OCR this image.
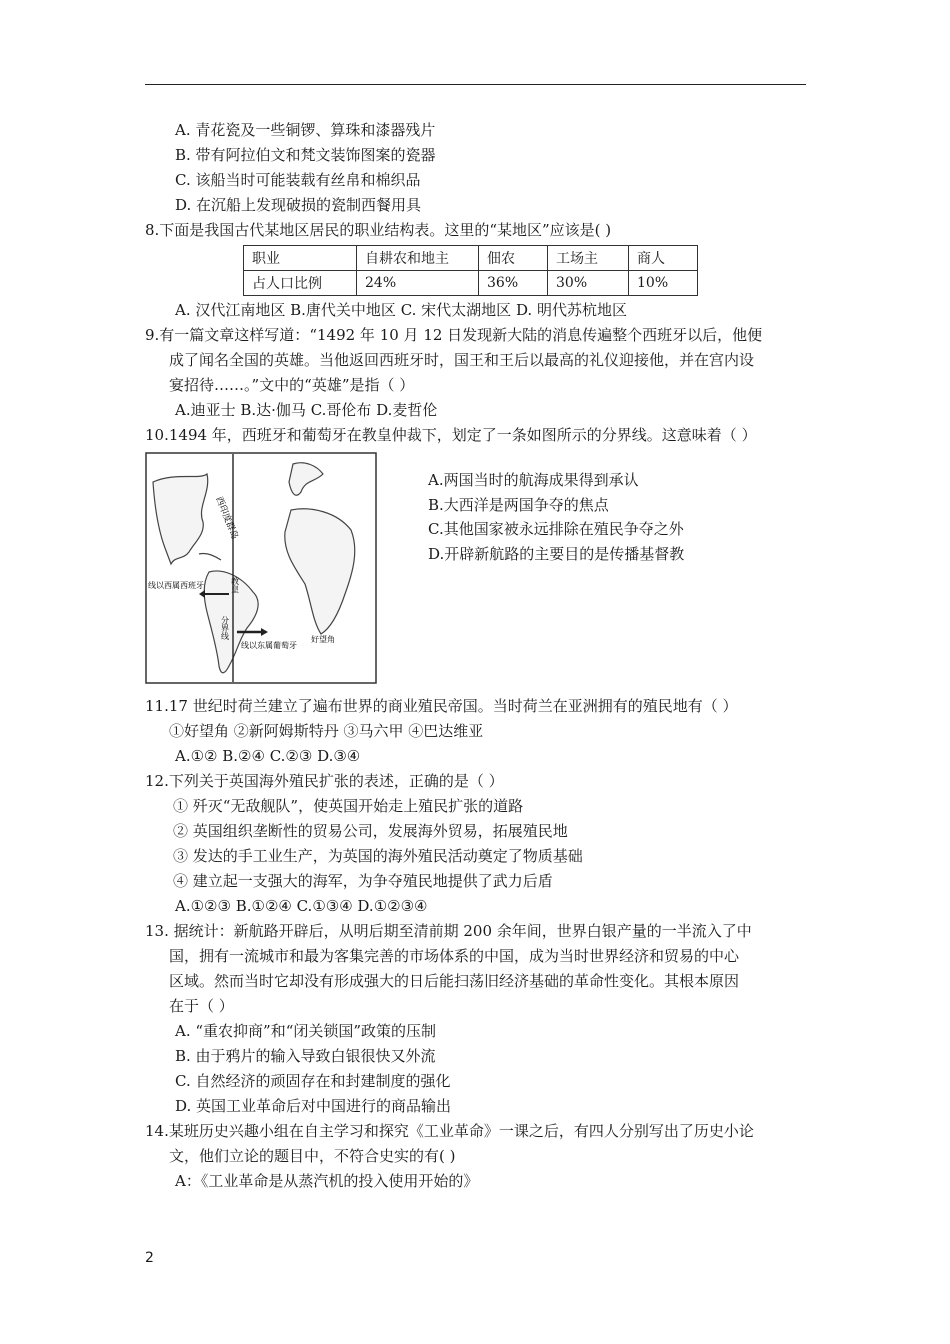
A. 青花瓷及一些铜锣、算珠和漆器残片
B. 带有阿拉伯文和梵文装饰图案的瓷器
C. 该船当时可能装载有丝帛和棉织品
D. 在沉船上发现破损的瓷制西餐用具
8.下面是我国古代某地区居民的职业结构表。这里的“某地区”应该是( )
职业	自耕农和地主	佃农	工场主	商人
占人口比例	24%	36%	30%	10%
A. 汉代江南地区 B.唐代关中地区 C. 宋代太湖地区 D. 明代苏杭地区
9.有一篇文章这样写道：“1492 年 10 月 12 日发现新大陆的消息传遍整个西班牙以后，他便
成了闻名全国的英雄。当他返回西班牙时，国王和王后以最高的礼仪迎接他，并在宫内设
宴招待……。”文中的“英雄”是指（ ）
A.迪亚士 B.达·伽马 C.哥伦布 D.麦哲伦
10.1494 年，西班牙和葡萄牙在教皇仲裁下，划定了一条如图所示的分界线。这意味着（ ）
西印度群岛
线以西属西班牙	教皇
分界线
线以东属葡萄牙
好望角
A.两国当时的航海成果得到承认
B.大西洋是两国争夺的焦点
C.其他国家被永远排除在殖民争夺之外
D.开辟新航路的主要目的是传播基督教
11.17 世纪时荷兰建立了遍布世界的商业殖民帝国。当时荷兰在亚洲拥有的殖民地有（ ）
①好望角 ②新阿姆斯特丹 ③马六甲 ④巴达维亚
A.①② B.②④ C.②③ D.③④
12.下列关于英国海外殖民扩张的表述，正确的是（ ）
① 歼灭“无敌舰队”，使英国开始走上殖民扩张的道路
② 英国组织垄断性的贸易公司，发展海外贸易，拓展殖民地
③ 发达的手工业生产，为英国的海外殖民活动奠定了物质基础
④ 建立起一支强大的海军，为争夺殖民地提供了武力后盾
A.①②③ B.①②④ C.①③④ D.①②③④
13. 据统计：新航路开辟后，从明后期至清前期 200 余年间，世界白银产量的一半流入了中
国，拥有一流城市和最为客集完善的市场体系的中国，成为当时世界经济和贸易的中心
区域。然而当时它却没有形成强大的日后能扫荡旧经济基础的革命性变化。其根本原因
在于（ ）
A. “重农抑商”和“闭关锁国”政策的压制
B. 由于鸦片的输入导致白银很快又外流
C. 自然经济的顽固存在和封建制度的强化
D. 英国工业革命后对中国进行的商品输出
14.某班历史兴趣小组在自主学习和探究《工业革命》一课之后，有四人分别写出了历史小论
文，他们立论的题目中，不符合史实的有( )
A：《工业革命是从蒸汽机的投入使用开始的》
2
